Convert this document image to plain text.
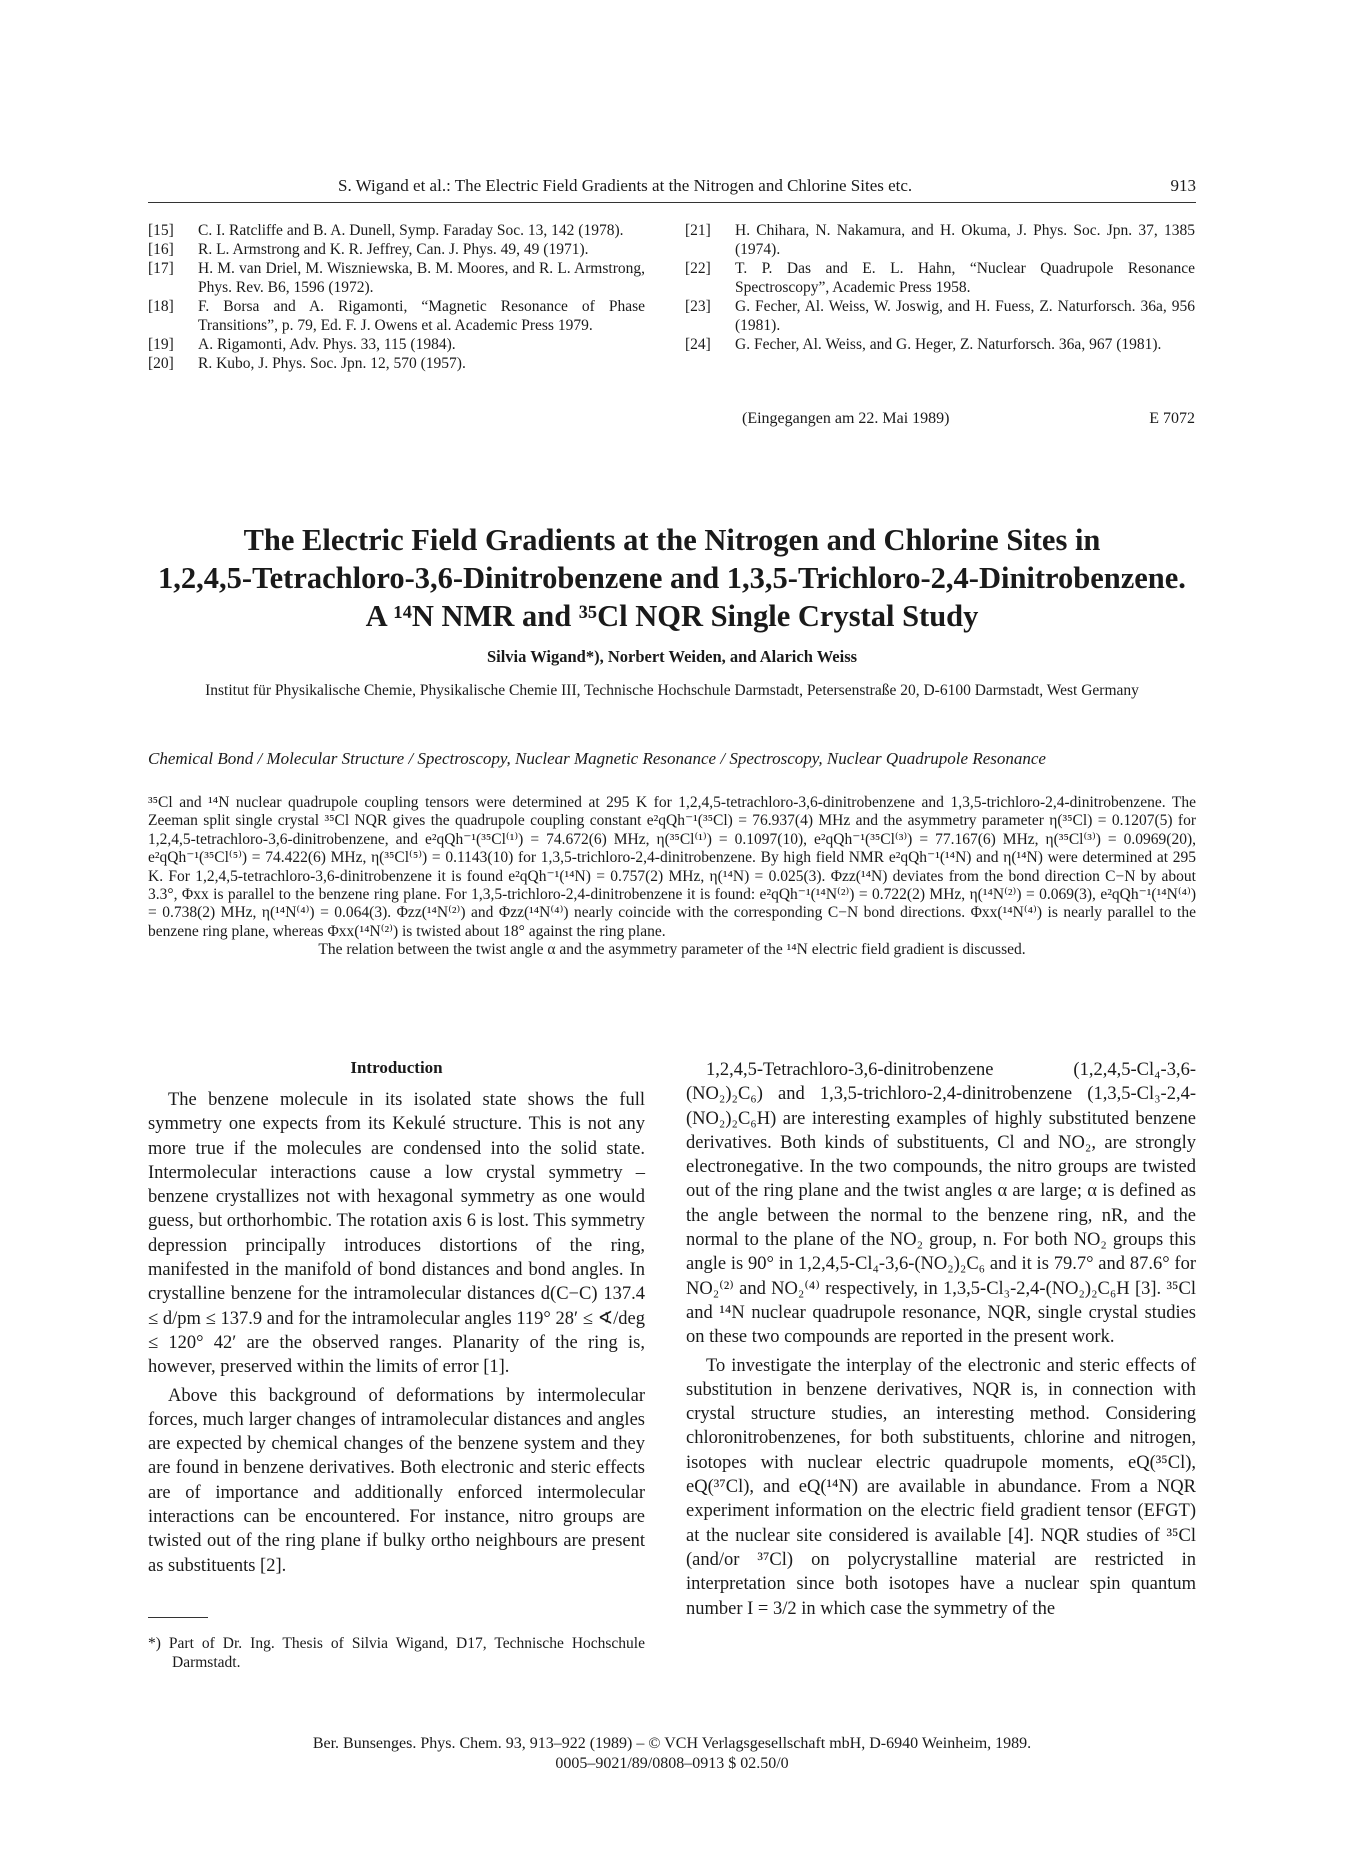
S. Wigand et al.: The Electric Field Gradients at the Nitrogen and Chlorine Sites etc.	913
[15] C. I. Ratcliffe and B. A. Dunell, Symp. Faraday Soc. 13, 142 (1978).
[16] R. L. Armstrong and K. R. Jeffrey, Can. J. Phys. 49, 49 (1971).
[17] H. M. van Driel, M. Wiszniewska, B. M. Moores, and R. L. Armstrong, Phys. Rev. B6, 1596 (1972).
[18] F. Borsa and A. Rigamonti, “Magnetic Resonance of Phase Transitions”, p. 79, Ed. F. J. Owens et al. Academic Press 1979.
[19] A. Rigamonti, Adv. Phys. 33, 115 (1984).
[20] R. Kubo, J. Phys. Soc. Jpn. 12, 570 (1957).
[21] H. Chihara, N. Nakamura, and H. Okuma, J. Phys. Soc. Jpn. 37, 1385 (1974).
[22] T. P. Das and E. L. Hahn, “Nuclear Quadrupole Resonance Spectroscopy”, Academic Press 1958.
[23] G. Fecher, Al. Weiss, W. Joswig, and H. Fuess, Z. Naturforsch. 36a, 956 (1981).
[24] G. Fecher, Al. Weiss, and G. Heger, Z. Naturforsch. 36a, 967 (1981).
(Eingegangen am 22. Mai 1989)	E 7072
The Electric Field Gradients at the Nitrogen and Chlorine Sites in
1,2,4,5-Tetrachloro-3,6-Dinitrobenzene and 1,3,5-Trichloro-2,4-Dinitrobenzene.
A ¹⁴N NMR and ³⁵Cl NQR Single Crystal Study
Silvia Wigand*), Norbert Weiden, and Alarich Weiss
Institut für Physikalische Chemie, Physikalische Chemie III, Technische Hochschule Darmstadt, Petersenstraße 20, D-6100 Darmstadt, West Germany
Chemical Bond / Molecular Structure / Spectroscopy, Nuclear Magnetic Resonance / Spectroscopy, Nuclear Quadrupole Resonance
³⁵Cl and ¹⁴N nuclear quadrupole coupling tensors were determined at 295 K for 1,2,4,5-tetrachloro-3,6-dinitrobenzene and 1,3,5-trichloro-2,4-dinitrobenzene. The Zeeman split single crystal ³⁵Cl NQR gives the quadrupole coupling constant e²qQh⁻¹(³⁵Cl) = 76.937(4) MHz and the asymmetry parameter η(³⁵Cl) = 0.1207(5) for 1,2,4,5-tetrachloro-3,6-dinitrobenzene, and e²qQh⁻¹(³⁵Cl⁽¹⁾) = 74.672(6) MHz, η(³⁵Cl⁽¹⁾) = 0.1097(10), e²qQh⁻¹(³⁵Cl⁽³⁾) = 77.167(6) MHz, η(³⁵Cl⁽³⁾) = 0.0969(20), e²qQh⁻¹(³⁵Cl⁽⁵⁾) = 74.422(6) MHz, η(³⁵Cl⁽⁵⁾) = 0.1143(10) for 1,3,5-trichloro-2,4-dinitrobenzene. By high field NMR e²qQh⁻¹(¹⁴N) and η(¹⁴N) were determined at 295 K. For 1,2,4,5-tetrachloro-3,6-dinitrobenzene it is found e²qQh⁻¹(¹⁴N) = 0.757(2) MHz, η(¹⁴N) = 0.025(3). Φzz(¹⁴N) deviates from the bond direction C−N by about 3.3°, Φxx is parallel to the benzene ring plane. For 1,3,5-trichloro-2,4-dinitrobenzene it is found: e²qQh⁻¹(¹⁴N⁽²⁾) = 0.722(2) MHz, η(¹⁴N⁽²⁾) = 0.069(3), e²qQh⁻¹(¹⁴N⁽⁴⁾) = 0.738(2) MHz, η(¹⁴N⁽⁴⁾) = 0.064(3). Φzz(¹⁴N⁽²⁾) and Φzz(¹⁴N⁽⁴⁾) nearly coincide with the corresponding C−N bond directions. Φxx(¹⁴N⁽⁴⁾) is nearly parallel to the benzene ring plane, whereas Φxx(¹⁴N⁽²⁾) is twisted about 18° against the ring plane.
The relation between the twist angle α and the asymmetry parameter of the ¹⁴N electric field gradient is discussed.
Introduction

The benzene molecule in its isolated state shows the full symmetry one expects from its Kekulé structure. This is not any more true if the molecules are condensed into the solid state. Intermolecular interactions cause a low crystal symmetry – benzene crystallizes not with hexagonal symmetry as one would guess, but orthorhombic. The rotation axis 6 is lost. This symmetry depression principally introduces distortions of the ring, manifested in the manifold of bond distances and bond angles. In crystalline benzene for the intramolecular distances d(C−C) 137.4 ≤ d/pm ≤ 137.9 and for the intramolecular angles 119° 28′ ≤ ∢/deg ≤ 120° 42′ are the observed ranges. Planarity of the ring is, however, preserved within the limits of error [1].

Above this background of deformations by intermolecular forces, much larger changes of intramolecular distances and angles are expected by chemical changes of the benzene system and they are found in benzene derivatives. Both electronic and steric effects are of importance and additionally enforced intermolecular interactions can be encountered. For instance, nitro groups are twisted out of the ring plane if bulky ortho neighbours are present as substituents [2].

1,2,4,5-Tetrachloro-3,6-dinitrobenzene (1,2,4,5-Cl₄-3,6-(NO₂)₂C₆) and 1,3,5-trichloro-2,4-dinitrobenzene (1,3,5-Cl₃-2,4-(NO₂)₂C₆H) are interesting examples of highly substituted benzene derivatives. Both kinds of substituents, Cl and NO₂, are strongly electronegative. In the two compounds, the nitro groups are twisted out of the ring plane and the twist angles α are large; α is defined as the angle between the normal to the benzene ring, nR, and the normal to the plane of the NO₂ group, n. For both NO₂ groups this angle is 90° in 1,2,4,5-Cl₄-3,6-(NO₂)₂C₆ and it is 79.7° and 87.6° for NO₂⁽²⁾ and NO₂⁽⁴⁾ respectively, in 1,3,5-Cl₃-2,4-(NO₂)₂C₆H [3]. ³⁵Cl and ¹⁴N nuclear quadrupole resonance, NQR, single crystal studies on these two compounds are reported in the present work.

To investigate the interplay of the electronic and steric effects of substitution in benzene derivatives, NQR is, in connection with crystal structure studies, an interesting method. Considering chloronitrobenzenes, for both substituents, chlorine and nitrogen, isotopes with nuclear electric quadrupole moments, eQ(³⁵Cl), eQ(³⁷Cl), and eQ(¹⁴N) are available in abundance. From a NQR experiment information on the electric field gradient tensor (EFGT) at the nuclear site considered is available [4]. NQR studies of ³⁵Cl (and/or ³⁷Cl) on polycrystalline material are restricted in interpretation since both isotopes have a nuclear spin quantum number I = 3/2 in which case the symmetry of the

*) Part of Dr. Ing. Thesis of Silvia Wigand, D17, Technische Hochschule Darmstadt.
Ber. Bunsenges. Phys. Chem. 93, 913–922 (1989) – © VCH Verlagsgesellschaft mbH, D-6940 Weinheim, 1989.
0005–9021/89/0808–0913 $ 02.50/0
